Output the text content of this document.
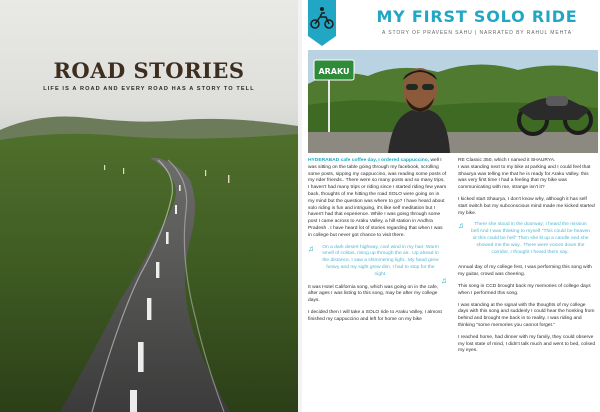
ROAD STORIES
LIFE IS A ROAD AND EVERY ROAD HAS A STORY TO TELL
MY FIRST SOLO RIDE
A STORY OF PRAVEEN SAHU | NARRATED BY RAHUL MEHTA
ARAKU

HYDERABAD cafe coffee day, I ordered cappuccino, well I was sitting on the table going through my facebook, scrolling some posts, sipping my cappuccino, was reading some posts of my rider friends.. There were so many posts and so many trips, I haven't had many trips or riding since I started riding few years back, thoughts of me hitting the road SOLO were going on in my mind but the question was where to go? I have heard about solo riding is fun and intriguing, it's like self meditation but I haven't had that experience. While I was going through some post I came across to Araku Valley, a hill station in Andhra Pradesh . I have heard lot of stories regarding that when I was in college but never got chance to visit there.

♫ On a dark desert highway, cool wind in my hair: Warm smell of colitas, rising up through the air.. Up ahead in the distance, I saw a shimmering light.. My head grew heavy and my sight grew dim, I had to stop for the night.
♫

It was Hotel California song, which was going on in the cafe, after ages I was listing to this song, may be after my college days.

I decided then I will take a SOLO ride to Araku Valley, I almost finished my cappuccino and left for home on my bike

RE Classic 350, which I named it SHAURYA.

I was standing next to my bike at parking and I could feel that Shaurya was telling me that he is ready for Araku Valley. this was very first time I had a feeling that my bike was communicating with me, strange isn't it?

I kicked start Shaurya, I don't know why, although it has self start switch but my subconscious mind made me kicked started my bike.

♫ There she stood in the doorway; I heard the mission bell And I was thinking to myself "This could be heaven or this could be hell" Then she lit up a candle and she showed me the way.. There were voices down the corridor, I thought I heard them say..

Annual day of my college fest, I was performing this song with my guitar, crowd was cheering.

This song in CCD brought back my memories of college days when I performed this song.

I was standing at the signal with the thoughts of my college days with this song and suddenly I could hear the honking from behind and brought me back in to reality. I was riding and thinking "some memories you cannot forget."

I reached home, had dinner with my family, they could observe my lost state of mind, I didn't talk much and went to bed, colsed my eyes.
